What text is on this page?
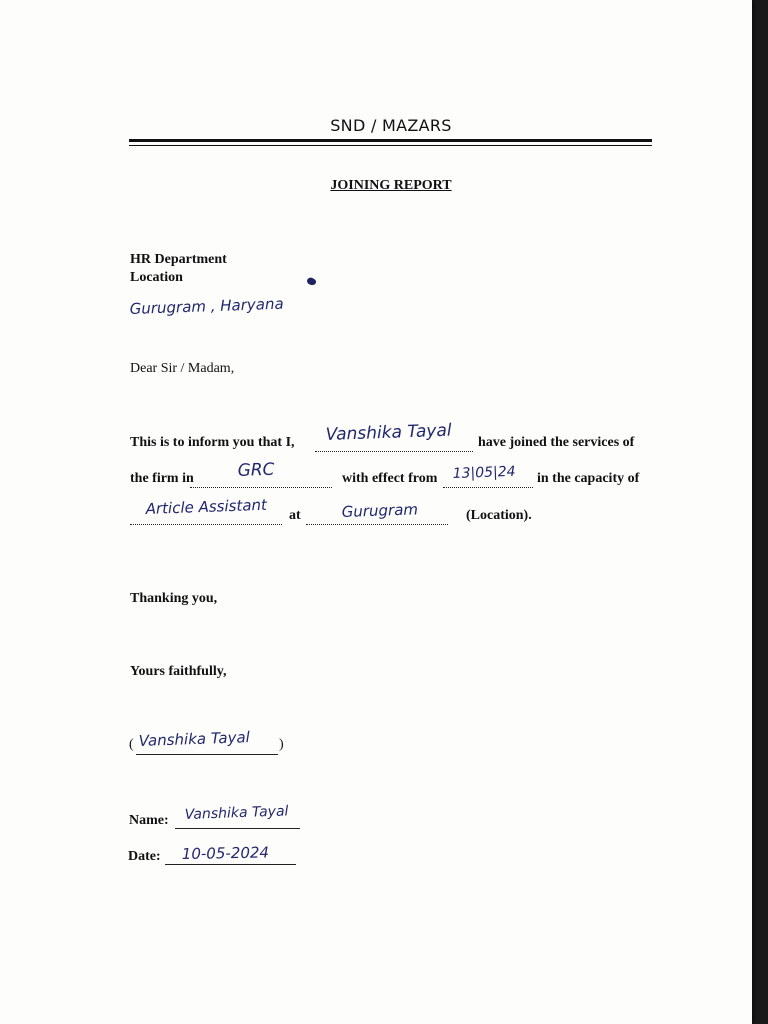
SND / MAZARS
JOINING REPORT
HR Department
Location
Gurugram , Haryana
Dear Sir / Madam,
This is to inform you that I, Vanshika Tayal have joined the services of
the firm in	GRC	with effect from 13|05|24 in the capacity of
Article Assistant at	Gurugram	(Location).
Thanking you,
Yours faithfully,
( Vanshika Tayal )
Name: Vanshika Tayal
Date: 10-05-2024
